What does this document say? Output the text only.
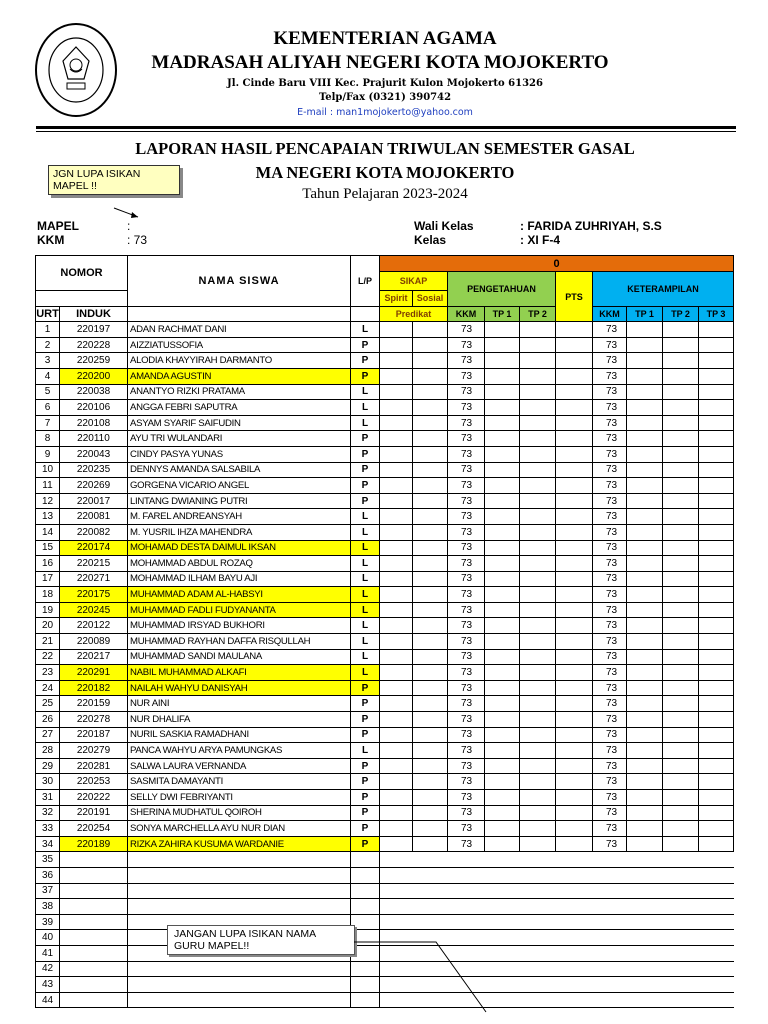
KEMENTERIAN AGAMA
MADRASAH ALIYAH NEGERI KOTA MOJOKERTO
Jl. Cinde Baru VIII Kec. Prajurit Kulon Mojokerto 61326
Telp/Fax (0321) 390742
E-mail : man1mojokerto@yahoo.com
LAPORAN HASIL PENCAPAIAN TRIWULAN SEMESTER GASAL
MA NEGERI KOTA MOJOKERTO
Tahun Pelajaran 2023-2024
JGN LUPA ISIKAN MAPEL !!
MAPEL	:
KKM	: 73
Wali Kelas	: FARIDA ZUHRIYAH, S.S
Kelas	: XI F-4
NOMOR		NAMA SISWA	L/P	0									
				SIKAP		PENGETAHUAN			PTS	KETERAMPILAN			
				Spirit	Sosial								
URT	INDUK			Predikat		KKM	TP 1	TP 2		KKM	TP 1	TP 2	TP 3
1	220197	ADAN RACHMAT DANI	L			73				73			
2	220228	AIZZIATUSSOFIA	P			73				73			
3	220259	ALODIA KHAYYIRAH DARMANTO	P			73				73			
4	220200	AMANDA AGUSTIN	P			73				73			
5	220038	ANANTYO RIZKI PRATAMA	L			73				73			
6	220106	ANGGA FEBRI SAPUTRA	L			73				73			
7	220108	ASYAM SYARIF SAIFUDIN	L			73				73			
8	220110	AYU TRI WULANDARI	P			73				73			
9	220043	CINDY PASYA YUNAS	P			73				73			
10	220235	DENNYS AMANDA SALSABILA	P			73				73			
11	220269	GORGENA VICARIO ANGEL	P			73				73			
12	220017	LINTANG DWIANING PUTRI	P			73				73			
13	220081	M. FAREL ANDREANSYAH	L			73				73			
14	220082	M. YUSRIL IHZA MAHENDRA	L			73				73			
15	220174	MOHAMAD DESTA DAIMUL IKSAN	L			73				73			
16	220215	MOHAMMAD ABDUL ROZAQ	L			73				73			
17	220271	MOHAMMAD ILHAM BAYU AJI	L			73				73			
18	220175	MUHAMMAD ADAM AL-HABSYI	L			73				73			
19	220245	MUHAMMAD FADLI FUDYANANTA	L			73				73			
20	220122	MUHAMMAD IRSYAD BUKHORI	L			73				73			
21	220089	MUHAMMAD RAYHAN DAFFA RISQULLAH	L			73				73			
22	220217	MUHAMMAD SANDI MAULANA	L			73				73			
23	220291	NABIL MUHAMMAD ALKAFI	L			73				73			
24	220182	NAILAH WAHYU DANISYAH	P			73				73			
25	220159	NUR AINI	P			73				73			
26	220278	NUR DHALIFA	P			73				73			
27	220187	NURIL SASKIA RAMADHANI	P			73				73			
28	220279	PANCA WAHYU ARYA PAMUNGKAS	L			73				73			
29	220281	SALWA LAURA VERNANDA	P			73				73			
30	220253	SASMITA DAMAYANTI	P			73				73			
31	220222	SELLY DWI FEBRIYANTI	P			73				73			
32	220191	SHERINA MUDHATUL QOIROH	P			73				73			
33	220254	SONYA MARCHELLA AYU NUR DIAN	P			73				73			
34	220189	RIZKA ZAHIRA KUSUMA WARDANIE	P			73				73			
35													
36													
37													
38													
39													
40													
41													
42													
43													
44													
JANGAN LUPA ISIKAN NAMA GURU MAPEL!!
